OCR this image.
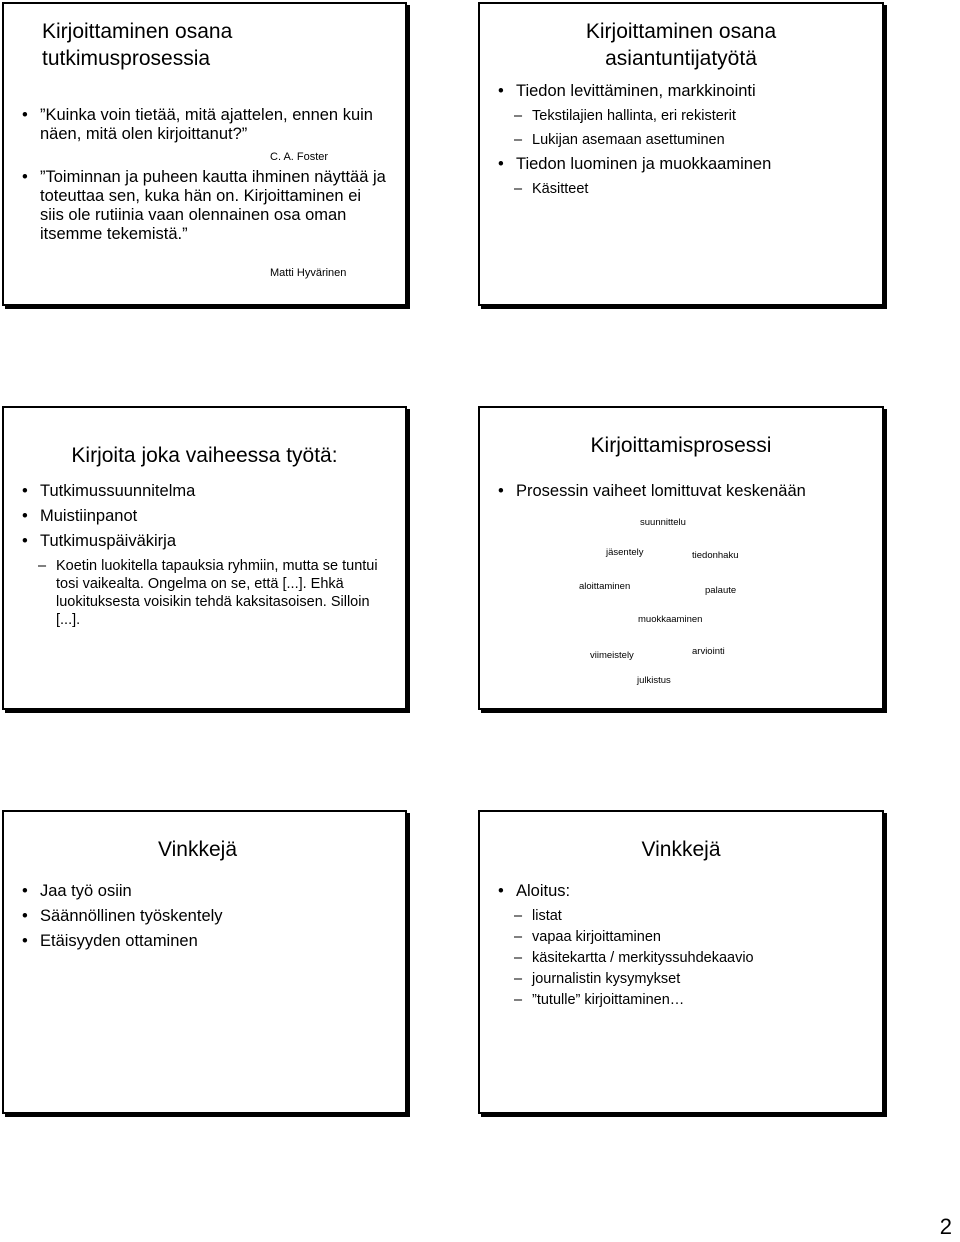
Kirjoittaminen osana tutkimusprosessia
• ”Kuinka voin tietää, mitä ajattelen, ennen kuin näen, mitä olen kirjoittanut?”
C. A. Foster
• ”Toiminnan ja puheen kautta ihminen näyttää ja toteuttaa sen, kuka hän on. Kirjoittaminen ei siis ole rutiinia vaan olennainen osa oman itsemme tekemistä.”
Matti Hyvärinen
Kirjoittaminen osana asiantuntijatyötä
• Tiedon levittäminen, markkinointi
– Tekstilajien hallinta, eri rekisterit
– Lukijan asemaan asettuminen
• Tiedon luominen ja muokkaaminen
– Käsitteet
Kirjoita joka vaiheessa työtä:
• Tutkimussuunnitelma
• Muistiinpanot
• Tutkimuspäiväkirja
– Koetin luokitella tapauksia ryhmiin, mutta se tuntui tosi vaikealta. Ongelma on se, että [...]. Ehkä luokituksesta voisikin tehdä kaksitasoisen. Silloin [...].
Kirjoittamisprosessi
• Prosessin vaiheet lomittuvat keskenään
suunnittelu
jäsentely	tiedonhaku
aloittaminen	palaute
muokkaaminen
viimeistely	arviointi
julkistus
Vinkkejä
• Jaa työ osiin
• Säännöllinen työskentely
• Etäisyyden ottaminen
Vinkkejä
• Aloitus:
– listat
– vapaa kirjoittaminen
– käsitekartta / merkityssuhdekaavio
– journalistin kysymykset
– ”tutulle” kirjoittaminen…
2
